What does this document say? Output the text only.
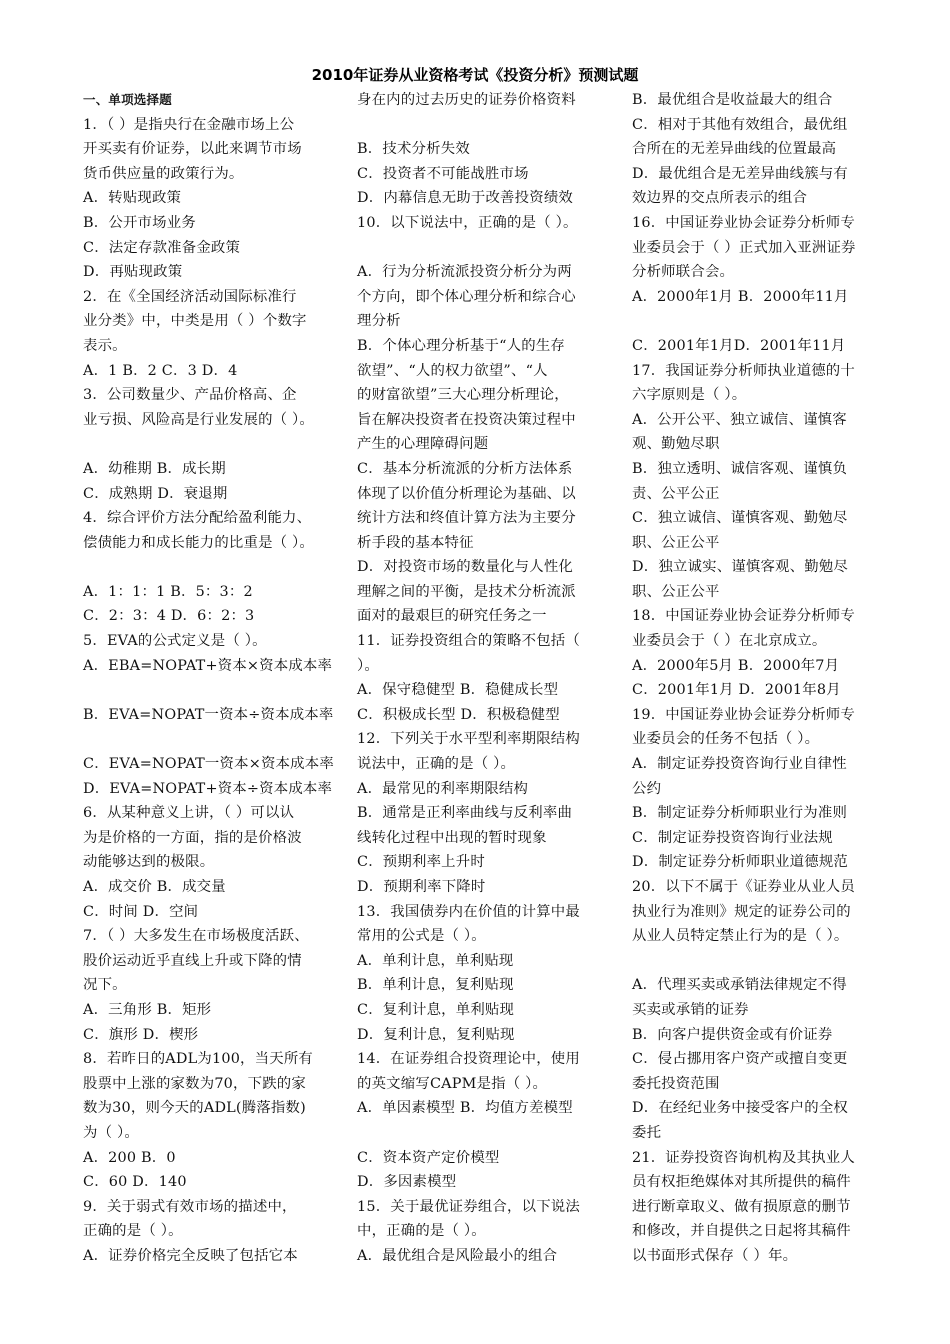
2010年证券从业资格考试《投资分析》预测试题
一、单项选择题
1．（ ）是指央行在金融市场上公
开买卖有价证券，以此来调节市场
货币供应量的政策行为。
A．转贴现政策
B．公开市场业务
C．法定存款准备金政策
D．再贴现政策
2．在《全国经济活动国际标准行
业分类》中，中类是用（ ）个数字
表示。
A．1 B．2 C．3 D．4
3．公司数量少、产品价格高、企
业亏损、风险高是行业发展的（ ）。
A．幼稚期 B．成长期
C．成熟期 D．衰退期
4．综合评价方法分配给盈利能力、
偿债能力和成长能力的比重是（ ）。
A．1：1：1 B．5：3：2
C．2：3：4 D．6：2：3
5．EVA的公式定义是（ ）。
A．EBA=NOPAT+资本×资本成本率
B．EVA=NOPAT一资本÷资本成本率
C．EVA=NOPAT一资本×资本成本率
D．EVA=NOPAT+资本÷资本成本率
6．从某种意义上讲，（ ）可以认
为是价格的一方面，指的是价格波
动能够达到的极限。
A．成交价 B．成交量
C．时间 D．空间
7．（ ）大多发生在市场极度活跃、
股价运动近乎直线上升或下降的情
况下。
A．三角形 B．矩形
C．旗形 D．楔形
8．若昨日的ADL为100，当天所有
股票中上涨的家数为70，下跌的家
数为30，则今天的ADL(腾落指数)
为（ ）。
A．200 B．0
C．60 D．140
9．关于弱式有效市场的描述中，
正确的是（ ）。
A．证券价格完全反映了包括它本
身在内的过去历史的证券价格资料
B．技术分析失效
C．投资者不可能战胜市场
D．内幕信息无助于改善投资绩效
10．以下说法中，正确的是（ ）。
A．行为分析流派投资分析分为两
个方向，即个体心理分析和综合心
理分析
B．个体心理分析基于“人的生存
欲望”、“人的权力欲望”、“人
的财富欲望”三大心理分析理论，
旨在解决投资者在投资决策过程中
产生的心理障碍问题
C．基本分析流派的分析方法体系
体现了以价值分析理论为基础、以
统计方法和终值计算方法为主要分
析手段的基本特征
D．对投资市场的数量化与人性化
理解之间的平衡，是技术分析流派
面对的最艰巨的研究任务之一
11．证券投资组合的策略不包括（
）。
A．保守稳健型 B．稳健成长型
C．积极成长型 D．积极稳健型
12．下列关于水平型利率期限结构
说法中，正确的是（ ）。
A．最常见的利率期限结构
B．通常是正利率曲线与反利率曲
线转化过程中出现的暂时现象
C．预期利率上升时
D．预期利率下降时
13．我国债券内在价值的计算中最
常用的公式是（ ）。
A．单利计息，单利贴现
B．单利计息，复利贴现
C．复利计息，单利贴现
D．复利计息，复利贴现
14．在证券组合投资理论中，使用
的英文缩写CAPM是指（ ）。
A．单因素模型 B．均值方差模型
C．资本资产定价模型
D．多因素模型
15．关于最优证券组合，以下说法
中，正确的是（ ）。
A．最优组合是风险最小的组合
B．最优组合是收益最大的组合
C．相对于其他有效组合，最优组
合所在的无差异曲线的位置最高
D．最优组合是无差异曲线簇与有
效边界的交点所表示的组合
16．中国证券业协会证券分析师专
业委员会于（ ）正式加入亚洲证券
分析师联合会。
A．2000年1月 B．2000年11月
C．2001年1月D．2001年11月
17．我国证券分析师执业道德的十
六字原则是（ ）。
A．公开公平、独立诚信、谨慎客
观、勤勉尽职
B．独立透明、诚信客观、谨慎负
责、公平公正
C．独立诚信、谨慎客观、勤勉尽
职、公正公平
D．独立诚实、谨慎客观、勤勉尽
职、公正公平
18．中国证券业协会证券分析师专
业委员会于（ ）在北京成立。
A．2000年5月 B．2000年7月
C．2001年1月 D．2001年8月
19．中国证券业协会证券分析师专
业委员会的任务不包括（ ）。
A．制定证券投资咨询行业自律性
公约
B．制定证券分析师职业行为准则
C．制定证券投资咨询行业法规
D．制定证券分析师职业道德规范
20．以下不属于《证券业从业人员
执业行为准则》规定的证券公司的
从业人员特定禁止行为的是（ ）。
A．代理买卖或承销法律规定不得
买卖或承销的证券
B．向客户提供资金或有价证券
C．侵占挪用客户资产或擅自变更
委托投资范围
D．在经纪业务中接受客户的全权
委托
21．证券投资咨询机构及其执业人
员有权拒绝媒体对其所提供的稿件
进行断章取义、做有损原意的删节
和修改，并自提供之日起将其稿件
以书面形式保存（ ）年。
